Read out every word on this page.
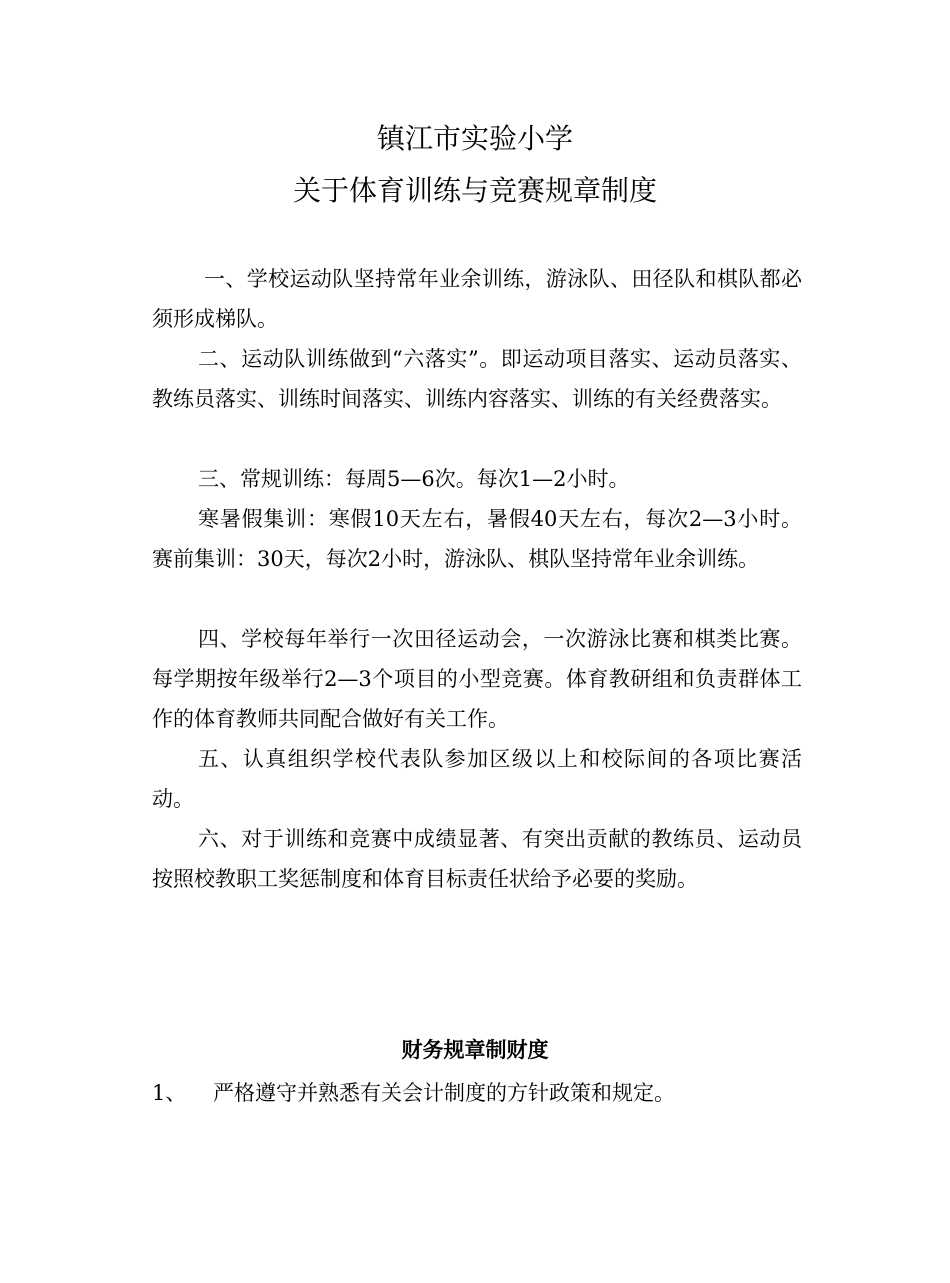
镇江市实验小学
关于体育训练与竞赛规章制度

一、学校运动队坚持常年业余训练，游泳队、田径队和棋队都必须形成梯队。

二、运动队训练做到“六落实”。即运动项目落实、运动员落实、教练员落实、训练时间落实、训练内容落实、训练的有关经费落实。

三、常规训练：每周5—6次。每次1—2小时。

寒暑假集训：寒假10天左右，暑假40天左右，每次2—3小时。赛前集训：30天，每次2小时，游泳队、棋队坚持常年业余训练。

四、学校每年举行一次田径运动会，一次游泳比赛和棋类比赛。每学期按年级举行2—3个项目的小型竞赛。体育教研组和负责群体工作的体育教师共同配合做好有关工作。

五、认真组织学校代表队参加区级以上和校际间的各项比赛活动。

六、对于训练和竞赛中成绩显著、有突出贡献的教练员、运动员按照校教职工奖惩制度和体育目标责任状给予必要的奖励。

财务规章制财度
1、 严格遵守并熟悉有关会计制度的方针政策和规定。
